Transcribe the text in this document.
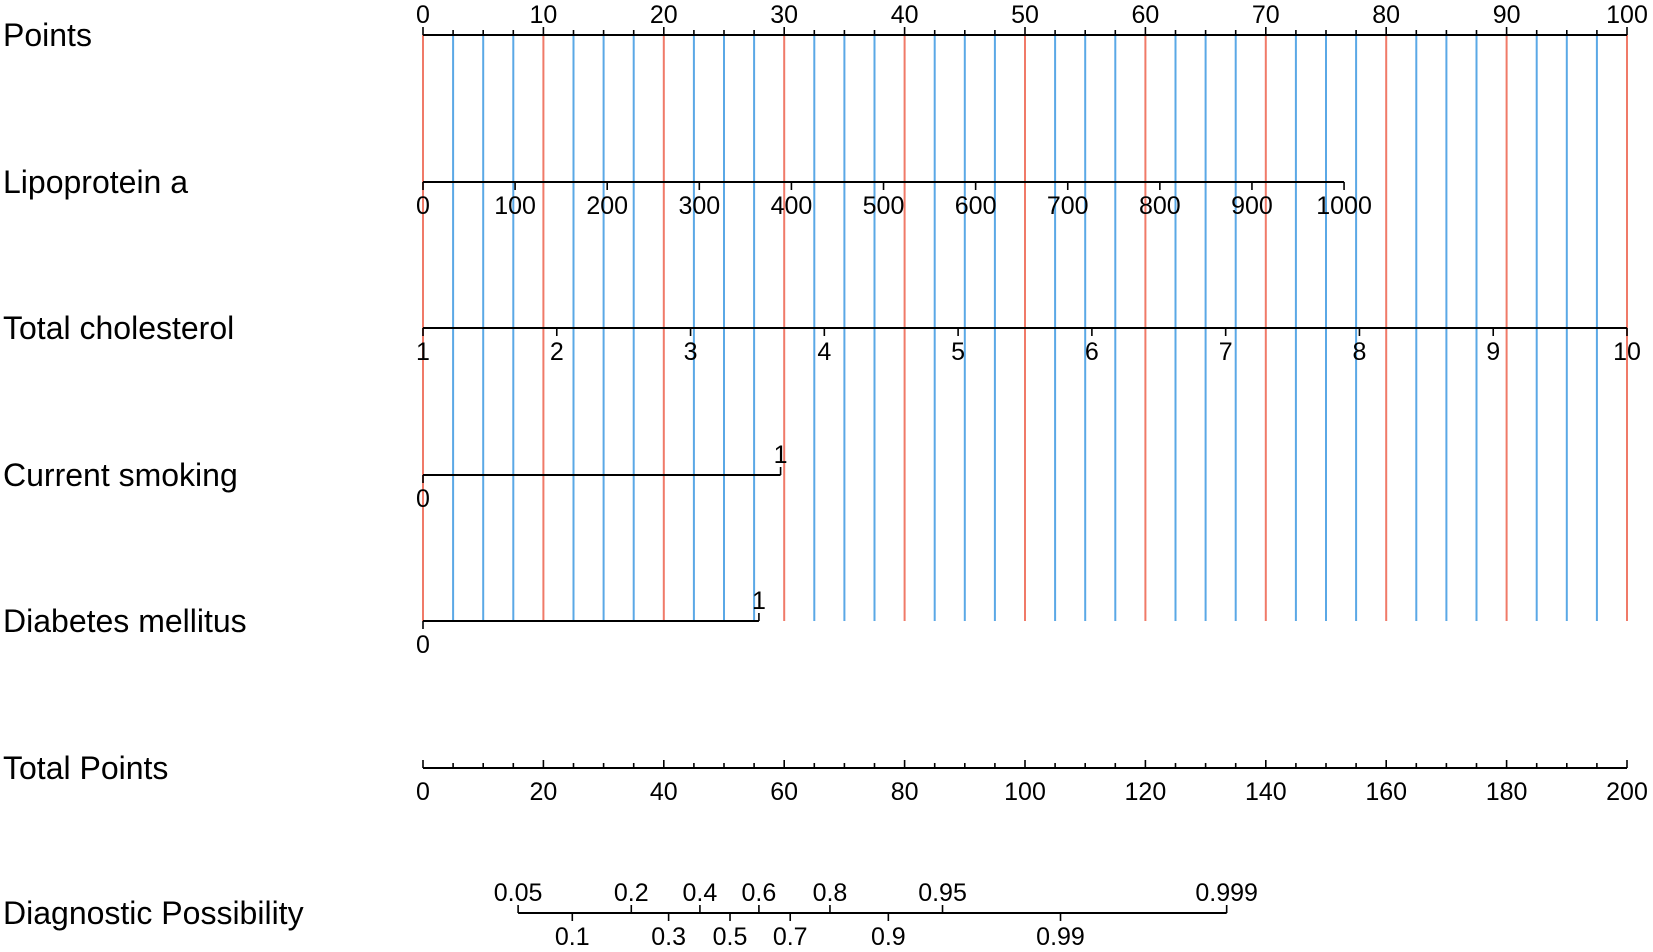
Points
0	10	20	30	40	50	60	70	80	90	100
Lipoprotein a
0	100 200 300 400 500 600 700 800 900 1000
Total cholesterol
1	2	3	4	5	6	7	8	9	10
Current smoking
0
1
Diabetes mellitus
0
1
Total Points
0	20	40	60	80	100	120	140	160	180	200
Diagnostic Possibility
0.05
0.1
0.2
0.3
0.4
0.5
0.6
0.7
0.8
0.9
0.95
0.99
0.999
